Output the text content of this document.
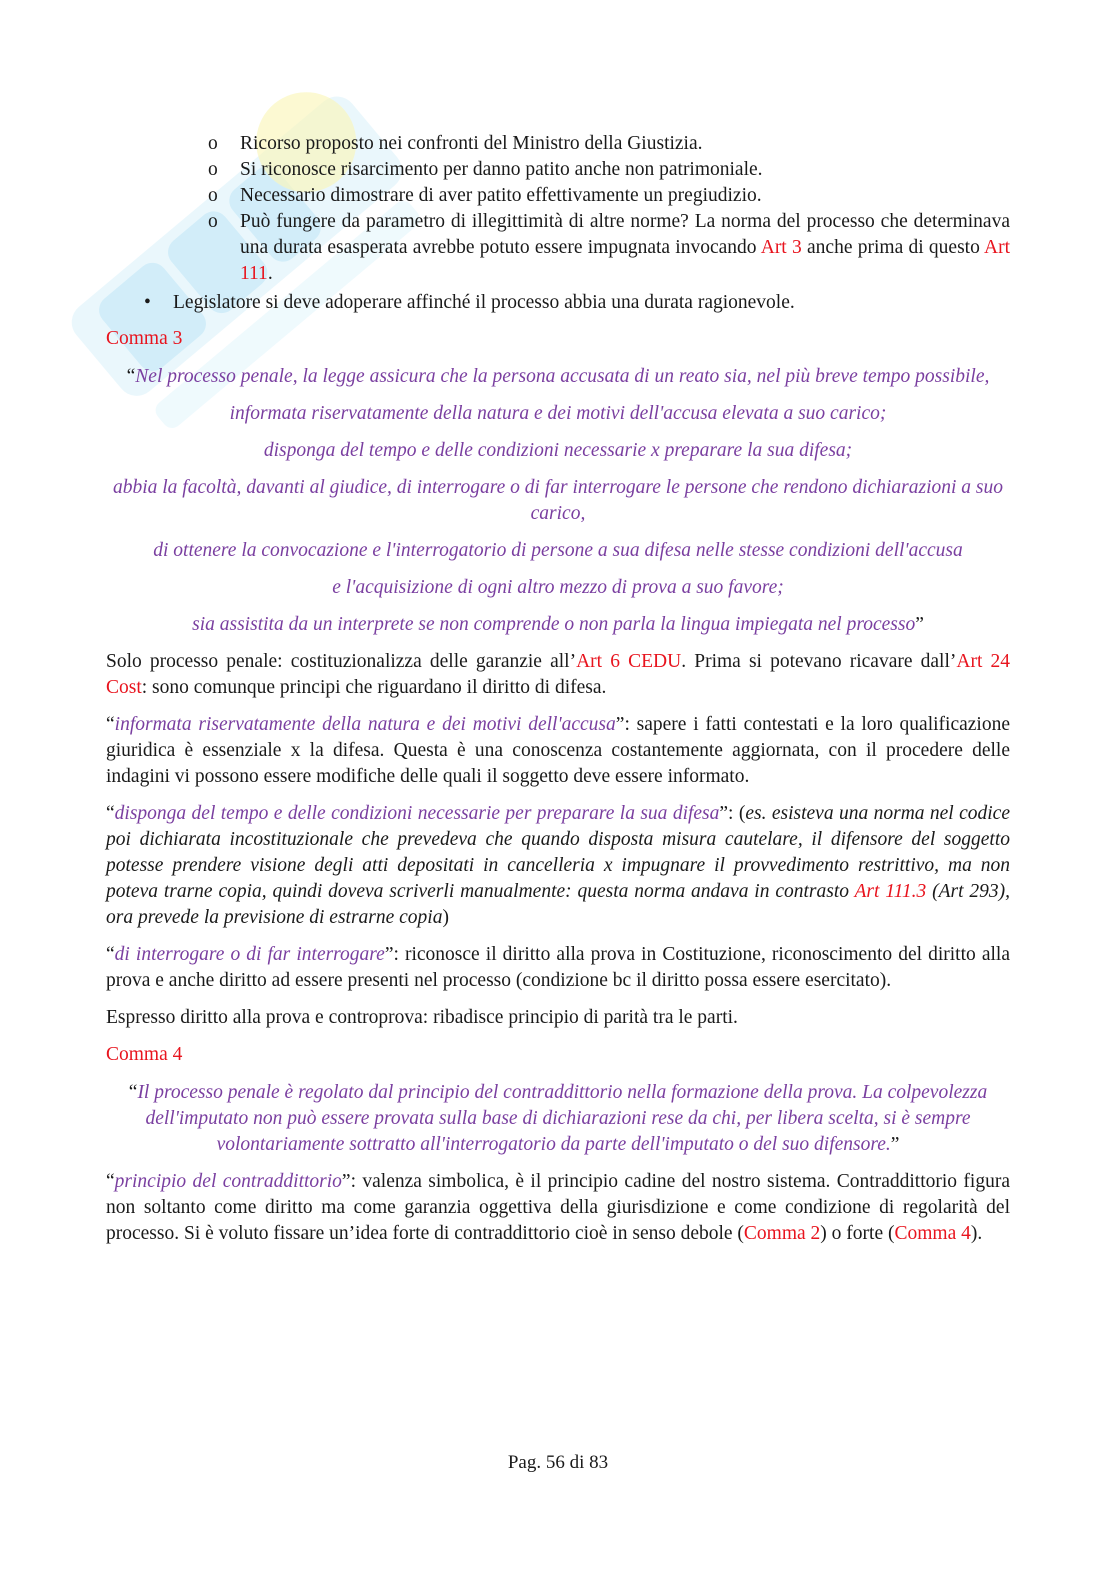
o Ricorso proposto nei confronti del Ministro della Giustizia.
o Si riconosce risarcimento per danno patito anche non patrimoniale.
o Necessario dimostrare di aver patito effettivamente un pregiudizio.
o Può fungere da parametro di illegittimità di altre norme? La norma del processo che determinava una durata esasperata avrebbe potuto essere impugnata invocando Art 3 anche prima di questo Art 111.
• Legislatore si deve adoperare affinché il processo abbia una durata ragionevole.
Comma 3

“Nel processo penale, la legge assicura che la persona accusata di un reato sia, nel più breve tempo possibile,

informata riservatamente della natura e dei motivi dell'accusa elevata a suo carico;

disponga del tempo e delle condizioni necessarie x preparare la sua difesa;

abbia la facoltà, davanti al giudice, di interrogare o di far interrogare le persone che rendono dichiarazioni a suo carico,

di ottenere la convocazione e l'interrogatorio di persone a sua difesa nelle stesse condizioni dell'accusa

e l'acquisizione di ogni altro mezzo di prova a suo favore;

sia assistita da un interprete se non comprende o non parla la lingua impiegata nel processo”

Solo processo penale: costituzionalizza delle garanzie all’Art 6 CEDU. Prima si potevano ricavare dall’Art 24 Cost: sono comunque principi che riguardano il diritto di difesa.

“informata riservatamente della natura e dei motivi dell'accusa”: sapere i fatti contestati e la loro qualificazione giuridica è essenziale x la difesa. Questa è una conoscenza costantemente aggiornata, con il procedere delle indagini vi possono essere modifiche delle quali il soggetto deve essere informato.

“disponga del tempo e delle condizioni necessarie per preparare la sua difesa”: (es. esisteva una norma nel codice poi dichiarata incostituzionale che prevedeva che quando disposta misura cautelare, il difensore del soggetto potesse prendere visione degli atti depositati in cancelleria x impugnare il provvedimento restrittivo, ma non poteva trarne copia, quindi doveva scriverli manualmente: questa norma andava in contrasto Art 111.3 (Art 293), ora prevede la previsione di estrarne copia)

“di interrogare o di far interrogare”: riconosce il diritto alla prova in Costituzione, riconoscimento del diritto alla prova e anche diritto ad essere presenti nel processo (condizione bc il diritto possa essere esercitato).

Espresso diritto alla prova e controprova: ribadisce principio di parità tra le parti.

Comma 4

“Il processo penale è regolato dal principio del contraddittorio nella formazione della prova. La colpevolezza dell'imputato non può essere provata sulla base di dichiarazioni rese da chi, per libera scelta, si è sempre volontariamente sottratto all'interrogatorio da parte dell'imputato o del suo difensore.”

“principio del contraddittorio”: valenza simbolica, è il principio cadine del nostro sistema. Contraddittorio figura non soltanto come diritto ma come garanzia oggettiva della giurisdizione e come condizione di regolarità del processo. Si è voluto fissare un’idea forte di contraddittorio cioè in senso debole (Comma 2) o forte (Comma 4).

Pag. 56 di 83
